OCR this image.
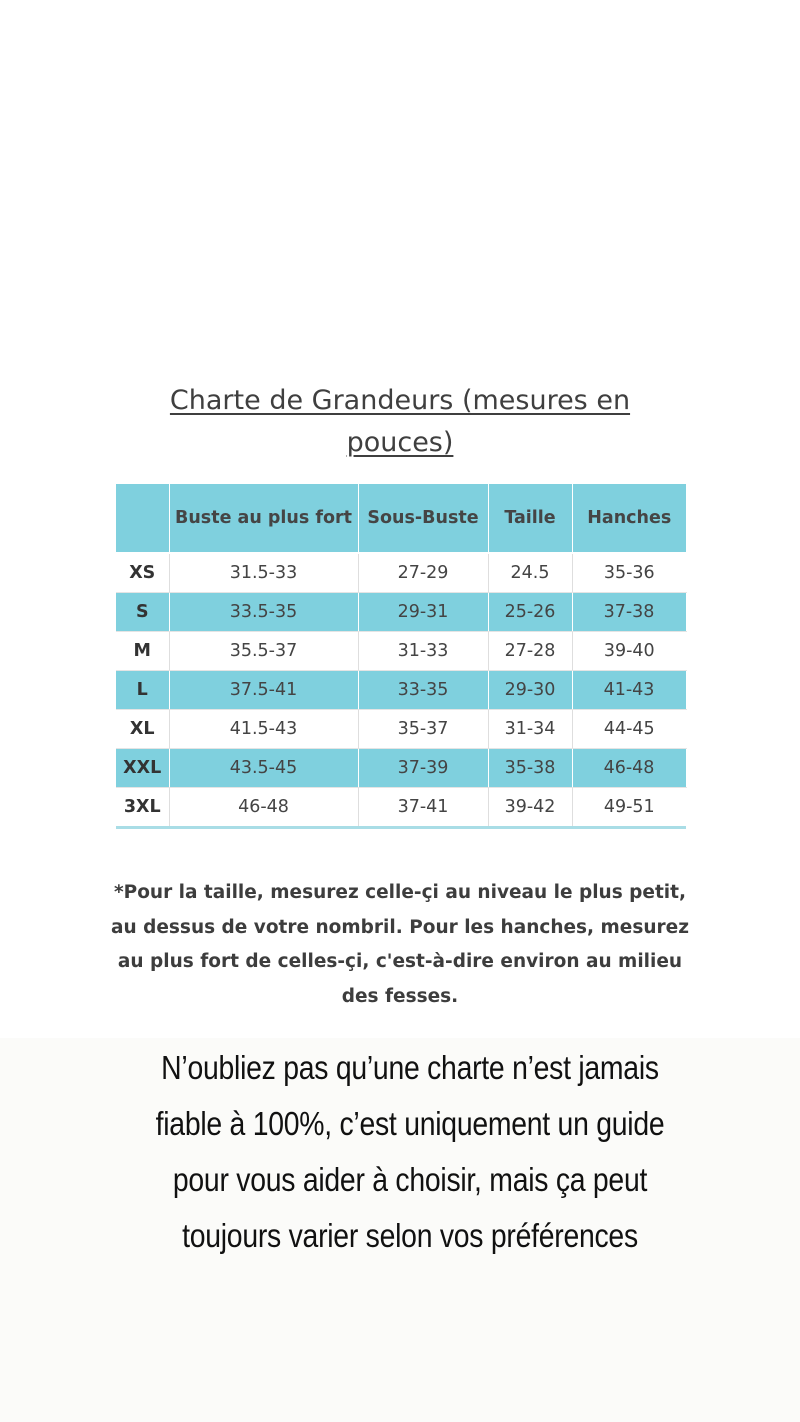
Charte de Grandeurs (mesures en
pouces)
	Buste au plus fort	Sous-Buste	Taille	Hanches
XS	31.5-33	27-29	24.5	35-36
S	33.5-35	29-31	25-26	37-38
M	35.5-37	31-33	27-28	39-40
L	37.5-41	33-35	29-30	41-43
XL	41.5-43	35-37	31-34	44-45
XXL	43.5-45	37-39	35-38	46-48
3XL	46-48	37-41	39-42	49-51
*Pour la taille, mesurez celle-çi au niveau le plus petit, au dessus de votre nombril. Pour les hanches, mesurez au plus fort de celles-çi, c'est-à-dire environ au milieu des fesses.
N’oubliez pas qu’une charte n’est jamais fiable à 100%, c’est uniquement un guide pour vous aider à choisir, mais ça peut toujours varier selon vos préférences
